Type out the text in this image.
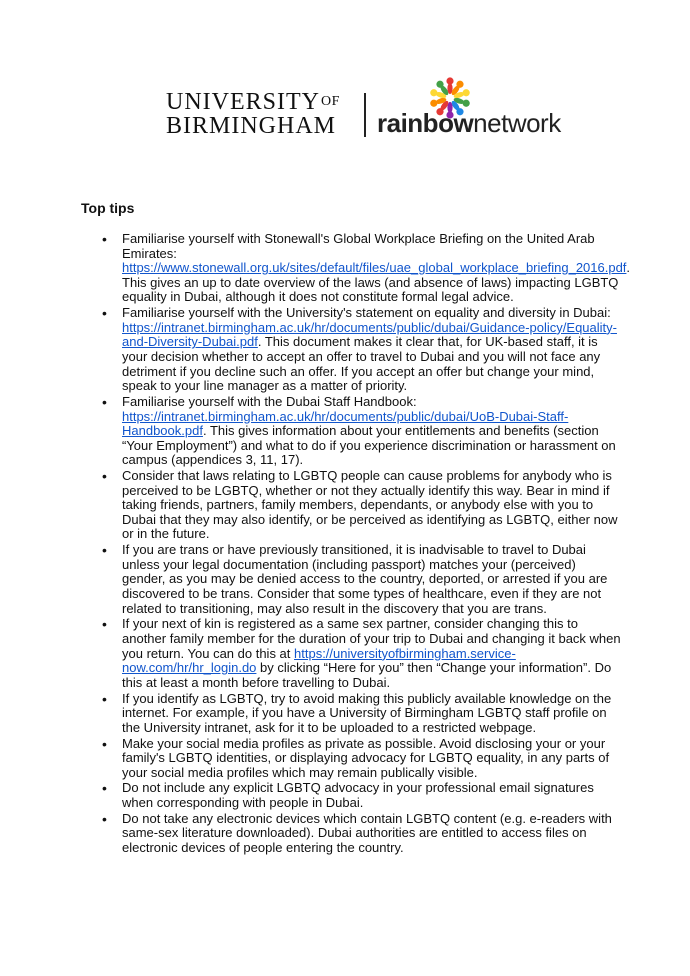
$UNIVERSITY^{OF}$
BIRMINGHAM rainbownetwork
Top tips
• Familiarise yourself with Stonewall's Global Workplace Briefing on the United Arab Emirates: https://www.stonewall.org.uk/sites/default/files/uae_global_workplace_briefing_2016.pdf. This gives an up to date overview of the laws (and absence of laws) impacting LGBTQ equality in Dubai, although it does not constitute formal legal advice.
• Familiarise yourself with the University's statement on equality and diversity in Dubai: https://intranet.birmingham.ac.uk/hr/documents/public/dubai/Guidance-policy/Equality-and-Diversity-Dubai.pdf. This document makes it clear that, for UK-based staff, it is your decision whether to accept an offer to travel to Dubai and you will not face any detriment if you decline such an offer. If you accept an offer but change your mind, speak to your line manager as a matter of priority.
• Familiarise yourself with the Dubai Staff Handbook: https://intranet.birmingham.ac.uk/hr/documents/public/dubai/UoB-Dubai-Staff-Handbook.pdf. This gives information about your entitlements and benefits (section “Your Employment”) and what to do if you experience discrimination or harassment on campus (appendices 3, 11, 17).
• Consider that laws relating to LGBTQ people can cause problems for anybody who is perceived to be LGBTQ, whether or not they actually identify this way. Bear in mind if taking friends, partners, family members, dependants, or anybody else with you to Dubai that they may also identify, or be perceived as identifying as LGBTQ, either now or in the future.
• If you are trans or have previously transitioned, it is inadvisable to travel to Dubai unless your legal documentation (including passport) matches your (perceived) gender, as you may be denied access to the country, deported, or arrested if you are discovered to be trans. Consider that some types of healthcare, even if they are not related to transitioning, may also result in the discovery that you are trans.
• If your next of kin is registered as a same sex partner, consider changing this to another family member for the duration of your trip to Dubai and changing it back when you return. You can do this at https://universityofbirmingham.service-now.com/hr/hr_login.do by clicking “Here for you” then “Change your information”. Do this at least a month before travelling to Dubai.
• If you identify as LGBTQ, try to avoid making this publicly available knowledge on the internet. For example, if you have a University of Birmingham LGBTQ staff profile on the University intranet, ask for it to be uploaded to a restricted webpage.
• Make your social media profiles as private as possible. Avoid disclosing your or your family's LGBTQ identities, or displaying advocacy for LGBTQ equality, in any parts of your social media profiles which may remain publically visible.
• Do not include any explicit LGBTQ advocacy in your professional email signatures when corresponding with people in Dubai.
• Do not take any electronic devices which contain LGBTQ content (e.g. e-readers with same-sex literature downloaded). Dubai authorities are entitled to access files on electronic devices of people entering the country.
